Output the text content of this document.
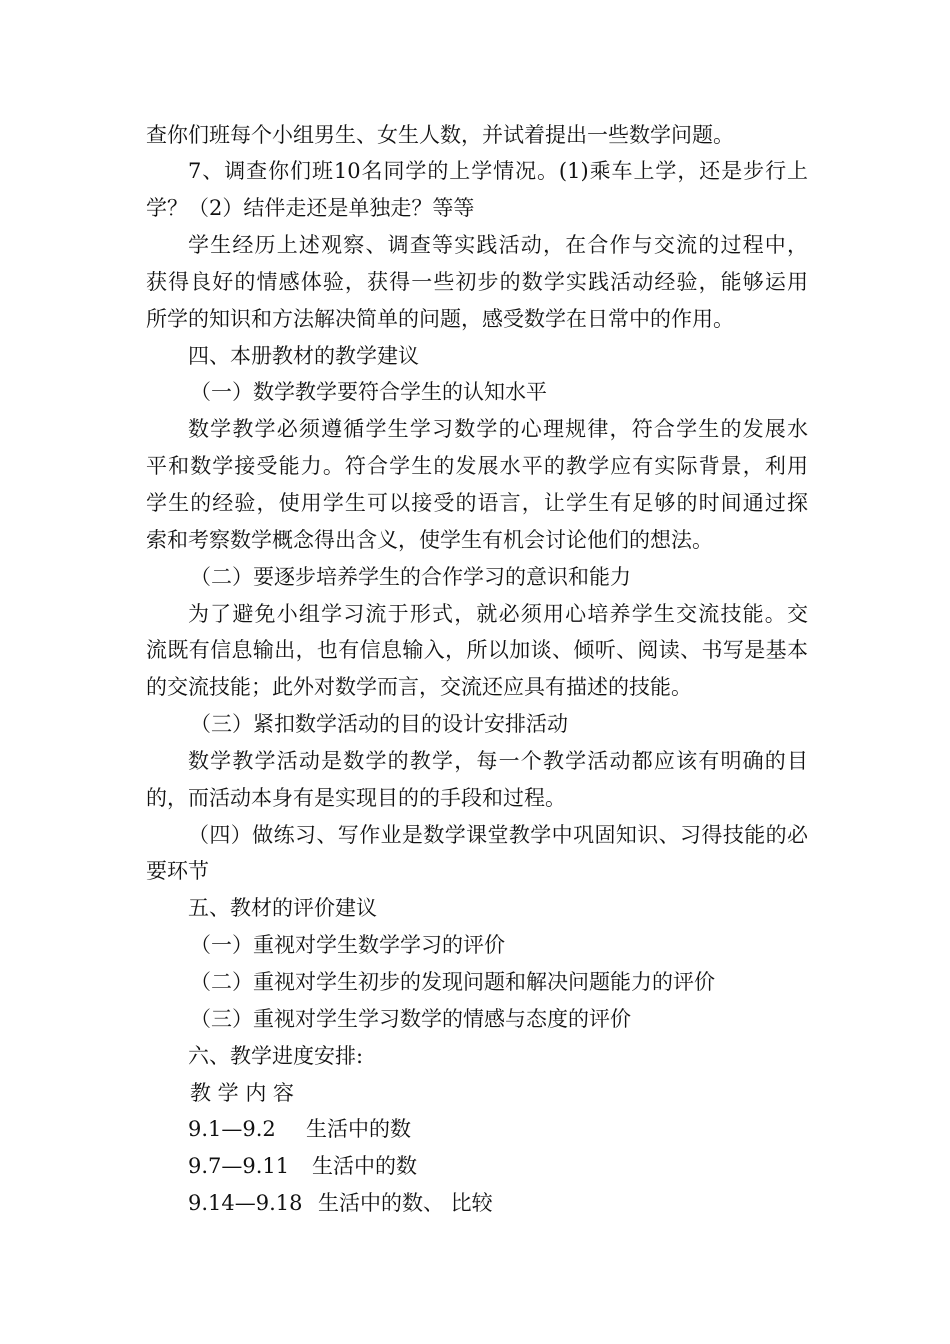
查你们班每个小组男生、女生人数，并试着提出一些数学问题。
7、调查你们班10名同学的上学情况。(1)乘车上学，还是步行上
学？（2）结伴走还是单独走？等等
学生经历上述观察、调查等实践活动，在合作与交流的过程中，
获得良好的情感体验，获得一些初步的数学实践活动经验，能够运用
所学的知识和方法解决简单的问题，感受数学在日常中的作用。
四、本册教材的教学建议
（一）数学教学要符合学生的认知水平
数学教学必须遵循学生学习数学的心理规律，符合学生的发展水
平和数学接受能力。符合学生的发展水平的教学应有实际背景，利用
学生的经验，使用学生可以接受的语言，让学生有足够的时间通过探
索和考察数学概念得出含义，使学生有机会讨论他们的想法。
（二）要逐步培养学生的合作学习的意识和能力
为了避免小组学习流于形式，就必须用心培养学生交流技能。交
流既有信息输出，也有信息输入，所以加谈、倾听、阅读、书写是基本
的交流技能；此外对数学而言，交流还应具有描述的技能。
（三）紧扣数学活动的目的设计安排活动
数学教学活动是数学的教学，每一个教学活动都应该有明确的目
的，而活动本身有是实现目的的手段和过程。
（四）做练习、写作业是数学课堂教学中巩固知识、习得技能的必
要环节
五、教材的评价建议
（一）重视对学生数学学习的评价
（二）重视对学生初步的发现问题和解决问题能力的评价
（三）重视对学生学习数学的情感与态度的评价
六、教学进度安排:
教 学 内 容
9.1—9.2 生活中的数
9.7—9.11 生活中的数
9.14—9.18 生活中的数、 比较
